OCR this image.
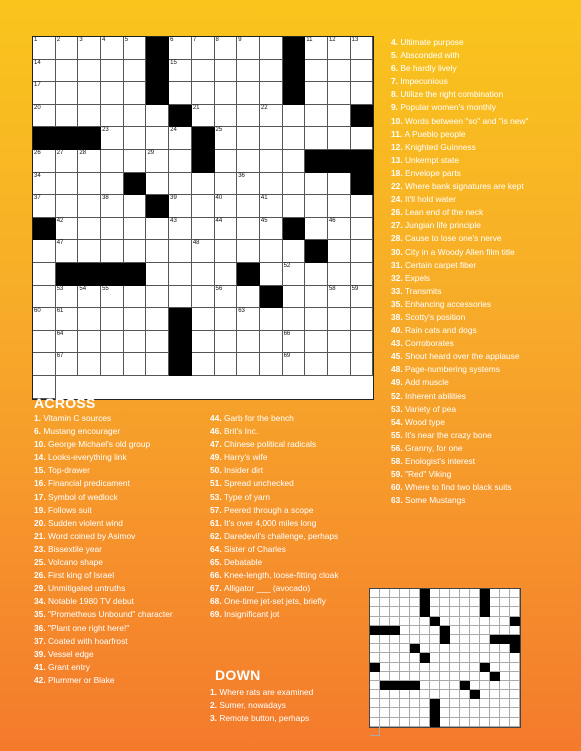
1	2	3	4	5	6	7	8	9	11	12	13
14	15
17
20	21	22
23	24	25
26	27	28	29
34	36
37	38	39	40	41
42	43	44	45	46
47	48
52
53	54	55	56	58	59
60	61	63
64	66
67	69
4. Ultimate purpose
5. Absconded with
6. Be hardly lively
7. Impecunious
8. Utilize the right combination
9. Popular women's monthly
10. Words between "so" and "is new"
11. A Pueblo people
12. Knighted Guinness
13. Unkempt state
18. Envelope parts
22. Where bank signatures are kept
24. It'll hold water
26. Lean end of the neck
27. Jungian life principle
28. Cause to lose one's nerve
30. City in a Woody Allen film title
31. Certain carpet fiber
32. Expels
33. Transmits
35. Enhancing accessories
38. Scotty's position
40. Rain cats and dogs
43. Corroborates
45. Shout heard over the applause
48. Page-numbering systems
49. Add muscle
52. Inherent abilities
53. Variety of pea
54. Wood type
55. It's near the crazy bone
56. Granny, for one
58. Enologist's interest
59. "Red" Viking
60. Where to find two black suits
63. Some Mustangs
ACROSS
1. Vitamin C sources
6. Mustang encourager
10. George Michael's old group
14. Looks-everything link
15. Top-drawer
16. Financial predicament
17. Symbol of wedlock
19. Follows suit
20. Sudden violent wind
21. Word coined by Asimov
23. Bissextile year
25. Volcano shape
26. First king of Israel
29. Unmitigated untruths
34. Notable 1980 TV debut
35. "Prometheus Unbound" character
36. "Plant one right here!"
37. Coated with hoarfrost
39. Vessel edge
41. Grant entry
42. Plummer or Blake
44. Garb for the bench
46. Brit's Inc.
47. Chinese political radicals
49. Harry's wife
50. Insider dirt
51. Spread unchecked
53. Type of yarn
57. Peered through a scope
61. It's over 4,000 miles long
62. Daredevil's challenge, perhaps
64. Sister of Charles
65. Debatable
66. Knee-length, loose-fitting cloak
67. Alligator ___ (avocado)
68. One-time jet-set jets, briefly
69. Insignificant jot
DOWN
1. Where rats are examined
2. Sumer, nowadays
3. Remote button, perhaps
